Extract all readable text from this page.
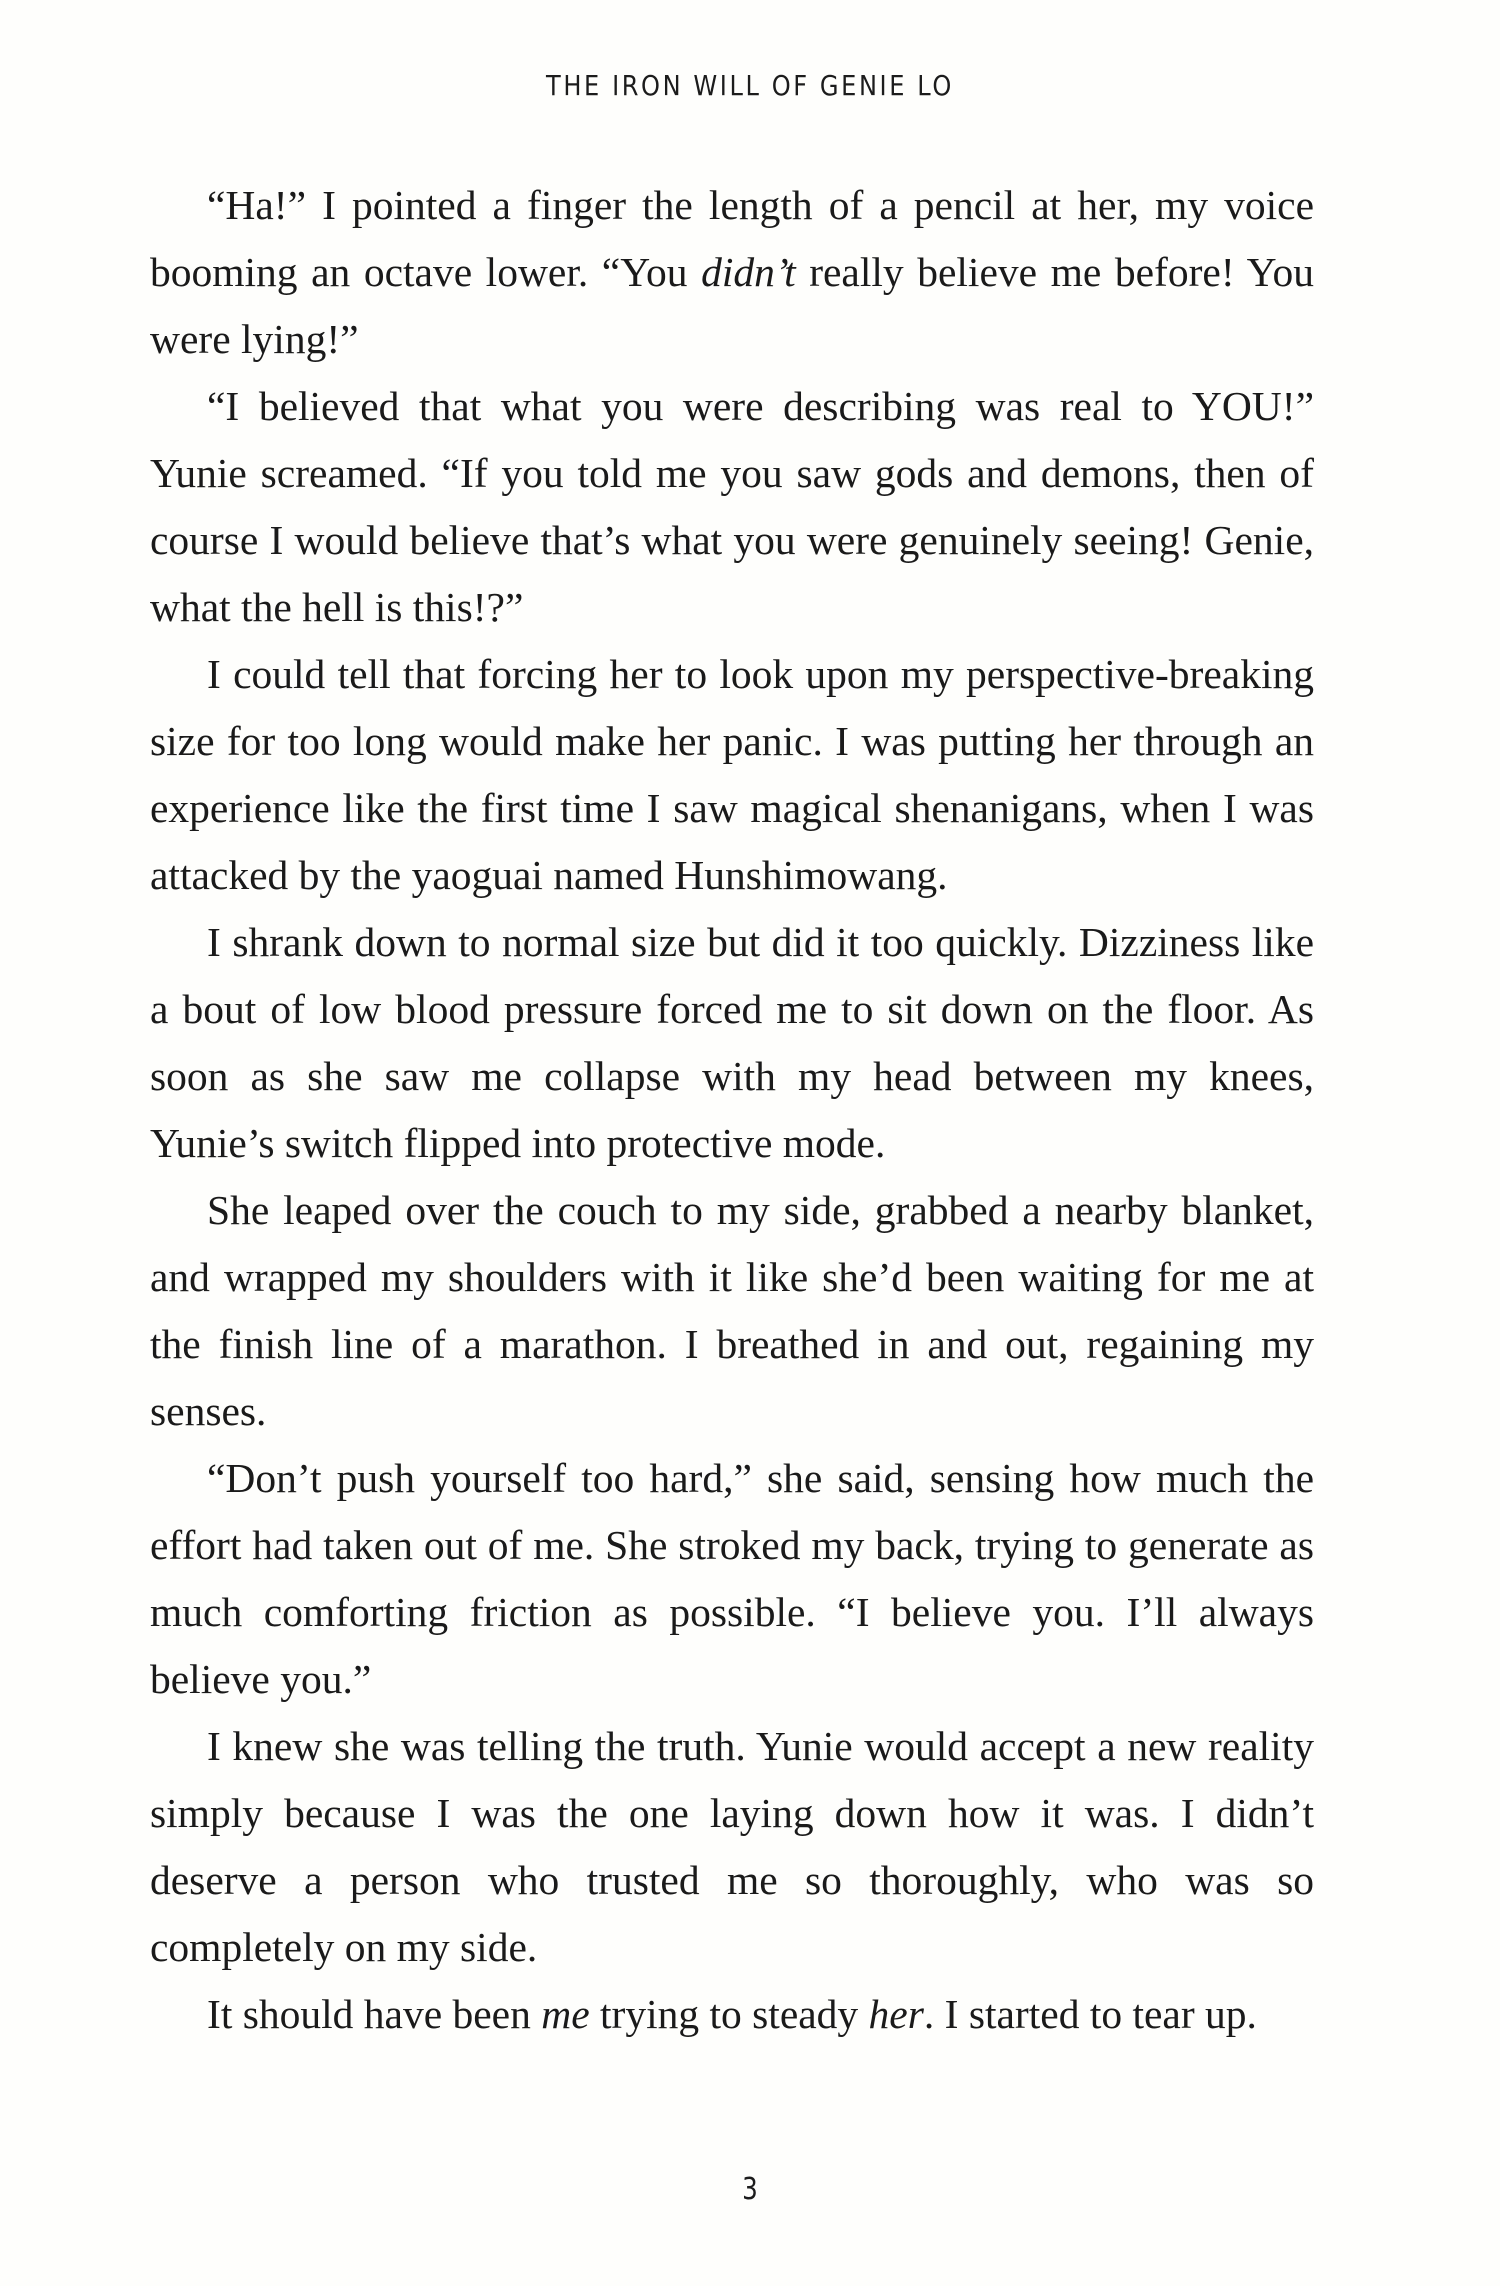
THE IRON WILL OF GENIE LO

“Ha!” I pointed a finger the length of a pencil at her, my voice booming an octave lower. “You didn’t really believe me before! You were lying!”

“I believed that what you were describing was real to YOU!” Yunie screamed. “If you told me you saw gods and demons, then of course I would believe that’s what you were genuinely seeing! Genie, what the hell is this!?”

I could tell that forcing her to look upon my perspective-breaking size for too long would make her panic. I was putting her through an experience like the first time I saw magical shenanigans, when I was attacked by the yaoguai named Hunshimowang.

I shrank down to normal size but did it too quickly. Dizziness like a bout of low blood pressure forced me to sit down on the floor. As soon as she saw me collapse with my head between my knees, Yunie’s switch flipped into protective mode.

She leaped over the couch to my side, grabbed a nearby blanket, and wrapped my shoulders with it like she’d been waiting for me at the finish line of a marathon. I breathed in and out, regaining my senses.

“Don’t push yourself too hard,” she said, sensing how much the effort had taken out of me. She stroked my back, trying to generate as much comforting friction as possible. “I believe you. I’ll always believe you.”

I knew she was telling the truth. Yunie would accept a new reality simply because I was the one laying down how it was. I didn’t deserve a person who trusted me so thoroughly, who was so completely on my side.

It should have been me trying to steady her. I started to tear up.

3
